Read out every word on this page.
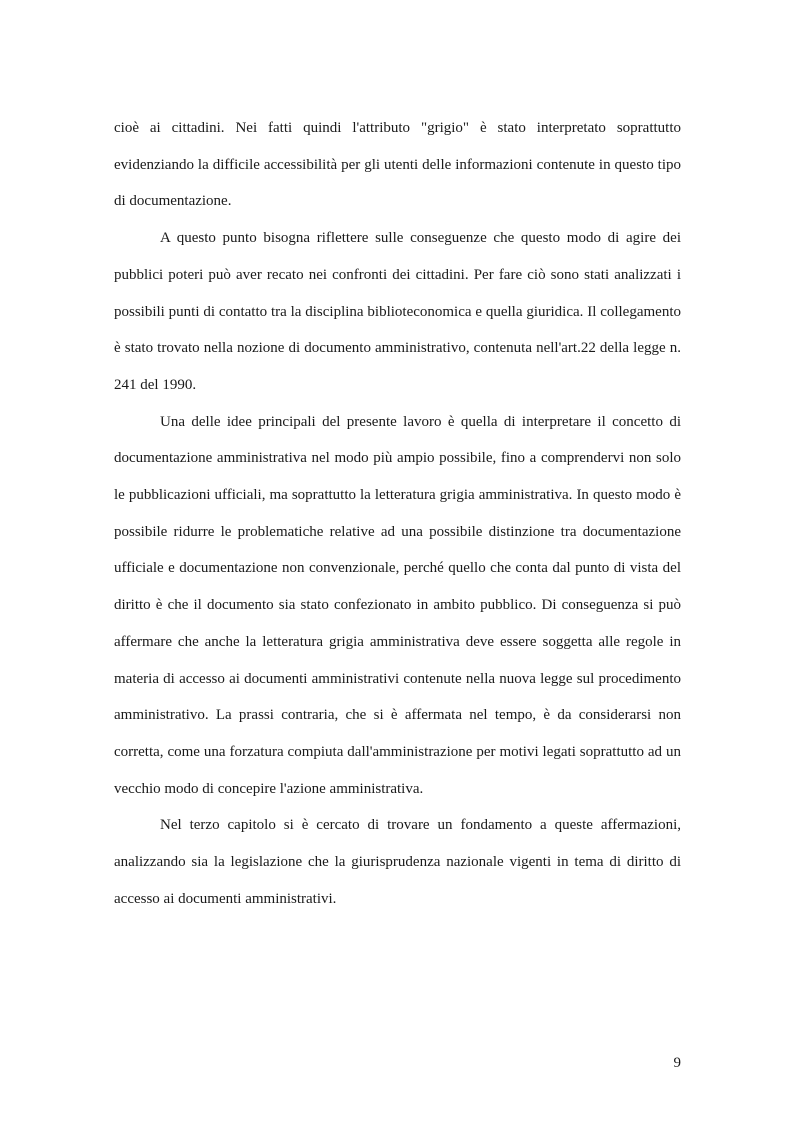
cioè ai cittadini. Nei fatti quindi l'attributo "grigio" è stato interpretato soprattutto evidenziando la difficile accessibilità per gli utenti delle informazioni contenute in questo tipo di documentazione.

A questo punto bisogna riflettere sulle conseguenze che questo modo di agire dei pubblici poteri può aver recato nei confronti dei cittadini. Per fare ciò sono stati analizzati i possibili punti di contatto tra la disciplina biblioteconomica e quella giuridica. Il collegamento è stato trovato nella nozione di documento amministrativo, contenuta nell'art.22 della legge n. 241 del 1990.

Una delle idee principali del presente lavoro è quella di interpretare il concetto di documentazione amministrativa nel modo più ampio possibile, fino a comprendervi non solo le pubblicazioni ufficiali, ma soprattutto la letteratura grigia amministrativa. In questo modo è possibile ridurre le problematiche relative ad una possibile distinzione tra documentazione ufficiale e documentazione non convenzionale, perché quello che conta dal punto di vista del diritto è che il documento sia stato confezionato in ambito pubblico. Di conseguenza si può affermare che anche la letteratura grigia amministrativa deve essere soggetta alle regole in materia di accesso ai documenti amministrativi contenute nella nuova legge sul procedimento amministrativo. La prassi contraria, che si è affermata nel tempo, è da considerarsi non corretta, come una forzatura compiuta dall'amministrazione per motivi legati soprattutto ad un vecchio modo di concepire l'azione amministrativa.

Nel terzo capitolo si è cercato di trovare un fondamento a queste affermazioni, analizzando sia la legislazione che la giurisprudenza nazionale vigenti in tema di diritto di accesso ai documenti amministrativi.

9
